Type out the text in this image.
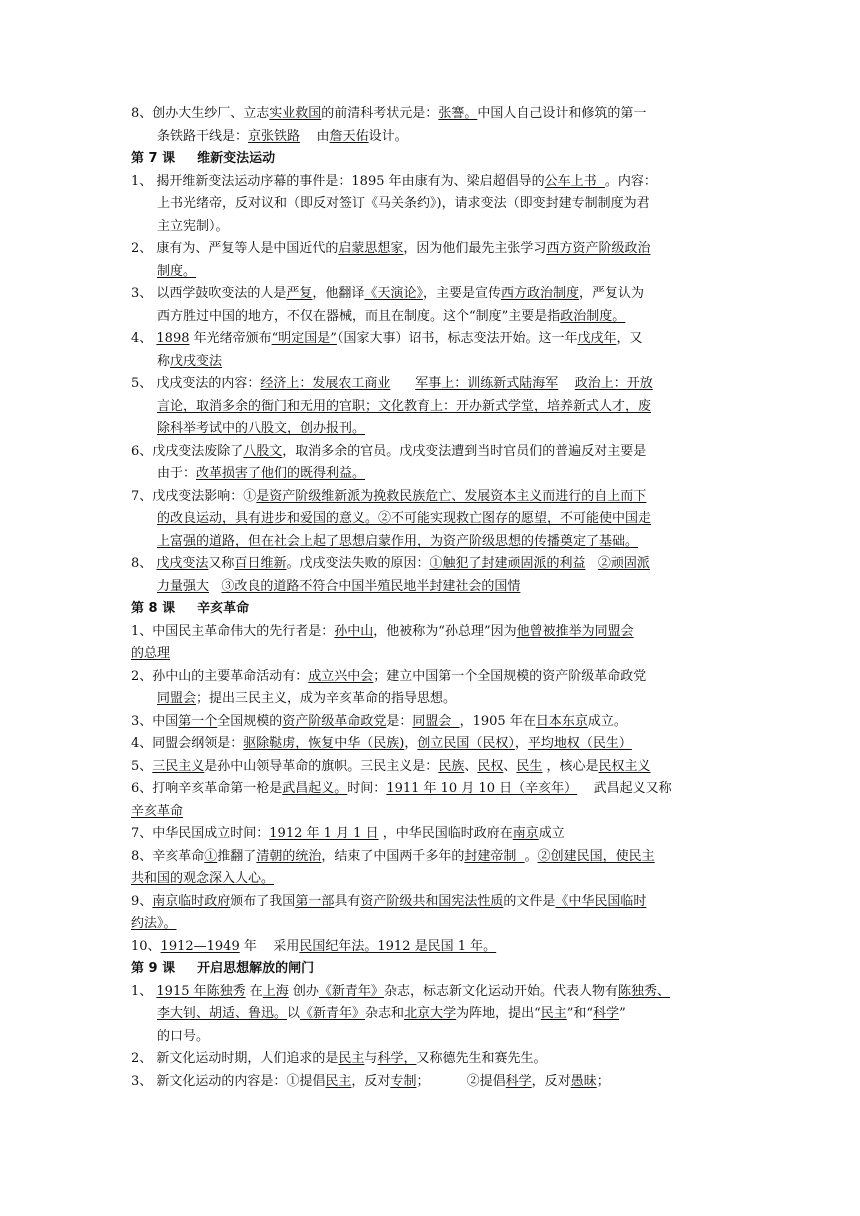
8、创办大生纱厂、立志实业救国的前清科考状元是：张謇。中国人自己设计和修筑的第一
条铁路干线是：京张铁路    由詹天佑设计。
第 7 课 维新变法运动
1、 揭开维新变法运动序幕的事件是：1895 年由康有为、梁启超倡导的公车上书  。内容：
上书光绪帝，反对议和（即反对签订《马关条约》)，请求变法（即变封建专制制度为君
主立宪制）。
2、 康有为、严复等人是中国近代的启蒙思想家，因为他们最先主张学习西方资产阶级政治
制度。
3、 以西学鼓吹变法的人是严复，他翻译《天演论》，主要是宣传西方政治制度，严复认为
西方胜过中国的地方，不仅在器械，而且在制度。这个“制度”主要是指政治制度。
4、 1898 年光绪帝颁布“明定国是”（国家大事）诏书，标志变法开始。这一年戊戌年，又
称戊戌变法
5、 戊戌变法的内容：经济上：发展农工商业 军事上：训练新式陆海军 政治上：开放
言论，取消多余的衙门和无用的官职；文化教育上：开办新式学堂，培养新式人才，废
除科举考试中的八股文，创办报刊。
6、戊戌变法废除了八股文，取消多余的官员。戊戌变法遭到当时官员们的普遍反对主要是
由于：改革损害了他们的既得利益。
7、戊戌变法影响：①是资产阶级维新派为挽救民族危亡、发展资本主义而进行的自上而下
的改良运动，具有进步和爱国的意义。②不可能实现救亡图存的愿望，不可能使中国走
上富强的道路，但在社会上起了思想启蒙作用，为资产阶级思想的传播奠定了基础。
8、 戊戌变法又称百日维新。戊戌变法失败的原因：①触犯了封建顽固派的利益 ②顽固派
力量强大 ③改良的道路不符合中国半殖民地半封建社会的国情
第 8 课 辛亥革命
1、中国民主革命伟大的先行者是：孙中山，他被称为“孙总理”因为他曾被推举为同盟会
的总理
2、孙中山的主要革命活动有：成立兴中会；建立中国第一个全国规模的资产阶级革命政党
同盟会；提出三民主义，成为辛亥革命的指导思想。
3、中国第一个全国规模的资产阶级革命政党是：同盟会  ，1905 年在日本东京成立。
4、同盟会纲领是：驱除鞑虏，恢复中华（民族)，创立民国（民权），平均地权（民生）
5、三民主义是孙中山领导革命的旗帜。三民主义是：民族、民权、民生 ，核心是民权主义
6、打响辛亥革命第一枪是武昌起义。时间：1911 年 10 月 10 日（辛亥年）    武昌起义又称
辛亥革命
7、中华民国成立时间：1912 年 1 月 1 日 ，中华民国临时政府在南京成立
8、辛亥革命①推翻了清朝的统治，结束了中国两千多年的封建帝制  。②创建民国，使民主
共和国的观念深入人心。
9、南京临时政府颁布了我国第一部具有资产阶级共和国宪法性质的文件是《中华民国临时
约法》。
10、1912—1949 年    采用民国纪年法。1912 是民国 1 年。
第 9 课 开启思想解放的闸门
1、 1915 年陈独秀 在上海 创办《新青年》杂志，标志新文化运动开始。代表人物有陈独秀、
李大钊、胡适、鲁迅。以《新青年》杂志和北京大学为阵地，提出“民主”和“科学”
的口号。
2、 新文化运动时期，人们追求的是民主与科学，又称德先生和赛先生。
3、 新文化运动的内容是：①提倡民主，反对专制；         ②提倡科学，反对愚昧；
